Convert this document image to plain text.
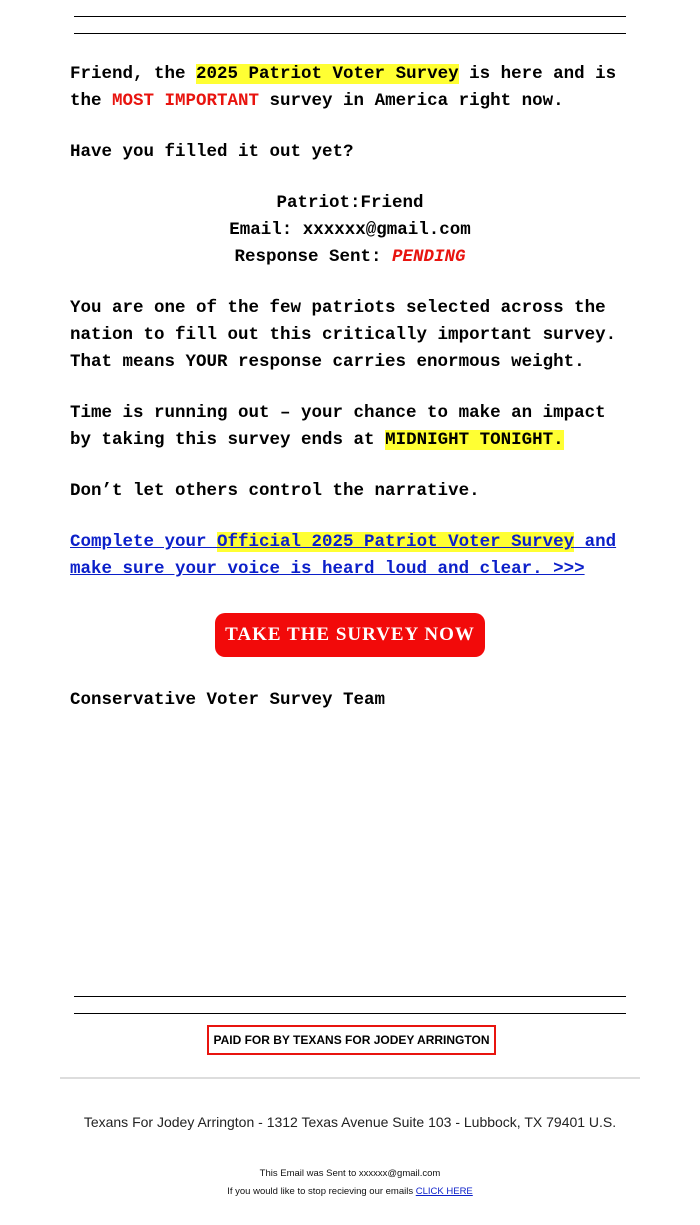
Friend, the 2025 Patriot Voter Survey is here and is the MOST IMPORTANT survey in America right now.

Have you filled it out yet?

Patriot:Friend
Email: xxxxxx@gmail.com
Response Sent: PENDING

You are one of the few patriots selected across the nation to fill out this critically important survey. That means YOUR response carries enormous weight.

Time is running out – your chance to make an impact by taking this survey ends at MIDNIGHT TONIGHT.

Don’t let others control the narrative.

Complete your Official 2025 Patriot Voter Survey and make sure your voice is heard loud and clear. >>>

TAKE THE SURVEY NOW

Conservative Voter Survey Team

PAID FOR BY TEXANS FOR JODEY ARRINGTON
Texans For Jodey Arrington - 1312 Texas Avenue Suite 103 - Lubbock, TX 79401 U.S.
This Email was Sent to xxxxxx@gmail.com
If you would like to stop recieving our emails CLICK HERE
